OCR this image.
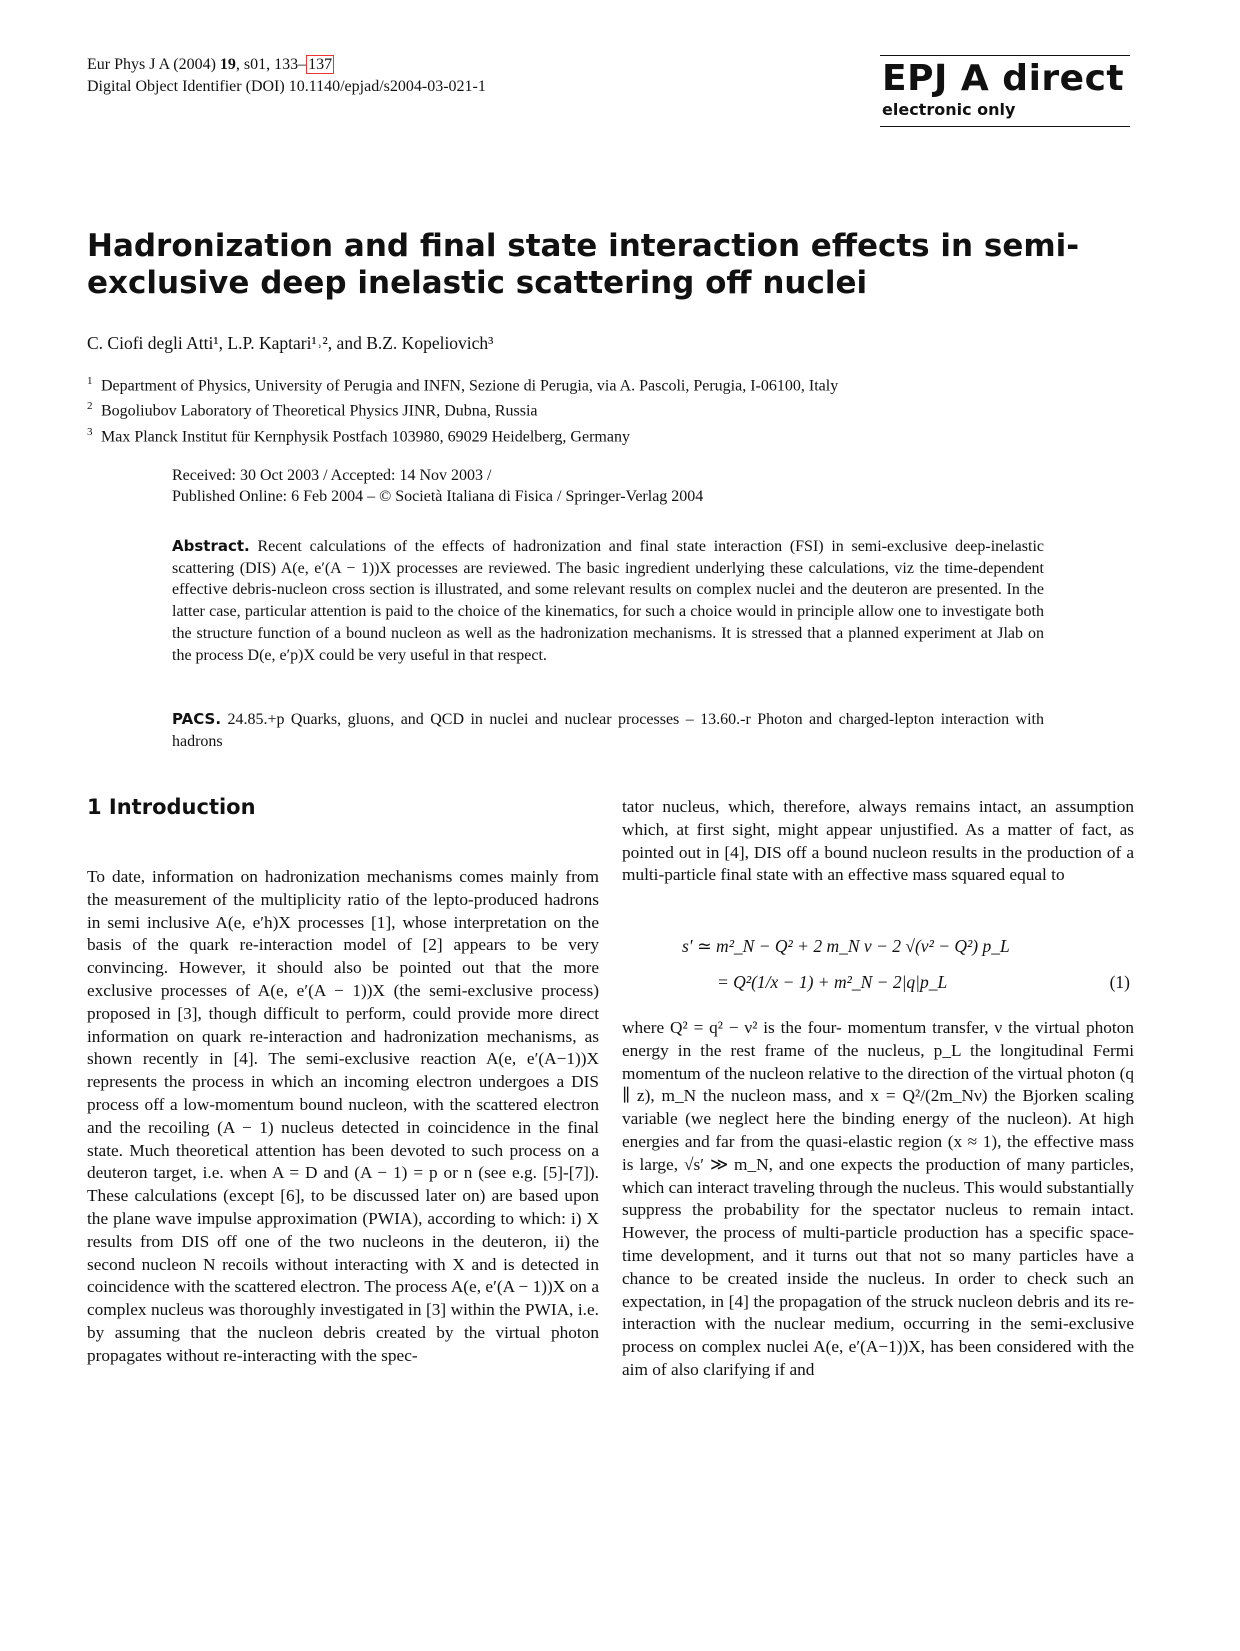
Eur Phys J A (2004) 19, s01, 133– 137
Digital Object Identifier (DOI) 10.1140/epjad/s2004-03-021-1	EPJ A direct
electronic only
Hadronization and final state interaction effects in semi-exclusive deep inelastic scattering off nuclei
C. Ciofi degli Atti¹, L.P. Kaptari¹˒², and B.Z. Kopeliovich³
1 Department of Physics, University of Perugia and INFN, Sezione di Perugia, via A. Pascoli, Perugia, I-06100, Italy
2 Bogoliubov Laboratory of Theoretical Physics JINR, Dubna, Russia
3 Max Planck Institut für Kernphysik Postfach 103980, 69029 Heidelberg, Germany
Received: 30 Oct 2003 / Accepted: 14 Nov 2003 /
Published Online: 6 Feb 2004 – © Società Italiana di Fisica / Springer-Verlag 2004
Abstract. Recent calculations of the effects of hadronization and final state interaction (FSI) in semi-exclusive deep-inelastic scattering (DIS) A(e, e′(A − 1))X processes are reviewed. The basic ingredient underlying these calculations, viz the time-dependent effective debris-nucleon cross section is illustrated, and some relevant results on complex nuclei and the deuteron are presented. In the latter case, particular attention is paid to the choice of the kinematics, for such a choice would in principle allow one to investigate both the structure function of a bound nucleon as well as the hadronization mechanisms. It is stressed that a planned experiment at Jlab on the process D(e, e′p)X could be very useful in that respect.
PACS. 24.85.+p Quarks, gluons, and QCD in nuclei and nuclear processes – 13.60.-r Photon and charged-lepton interaction with hadrons
1 Introduction
To date, information on hadronization mechanisms comes mainly from the measurement of the multiplicity ratio of the lepto-produced hadrons in semi inclusive A(e, e′h)X processes [1], whose interpretation on the basis of the quark re-interaction model of [2] appears to be very convincing. However, it should also be pointed out that the more exclusive processes of A(e, e′(A − 1))X (the semi-exclusive process) proposed in [3], though difficult to perform, could provide more direct information on quark re-interaction and hadronization mechanisms, as shown recently in [4]. The semi-exclusive reaction A(e, e′(A−1))X represents the process in which an incoming electron undergoes a DIS process off a low-momentum bound nucleon, with the scattered electron and the recoiling (A − 1) nucleus detected in coincidence in the final state. Much theoretical attention has been devoted to such process on a deuteron target, i.e. when A = D and (A − 1) = p or n (see e.g. [5]-[7]). These calculations (except [6], to be discussed later on) are based upon the plane wave impulse approximation (PWIA), according to which: i) X results from DIS off one of the two nucleons in the deuteron, ii) the second nucleon N recoils without interacting with X and is detected in coincidence with the scattered electron. The process A(e, e′(A − 1))X on a complex nucleus was thoroughly investigated in [3] within the PWIA, i.e. by assuming that the nucleon debris created by the virtual photon propagates without re-interacting with the spec-
tator nucleus, which, therefore, always remains intact, an assumption which, at first sight, might appear unjustified. As a matter of fact, as pointed out in [4], DIS off a bound nucleon results in the production of a multi-particle final state with an effective mass squared equal to
s′ ≃ m²_N − Q² + 2 m_N ν − 2 √(ν² − Q²) p_L
= Q²(1/x − 1) + m²_N − 2|q|p_L	(1)
where Q² = q² − ν² is the four- momentum transfer, ν the virtual photon energy in the rest frame of the nucleus, p_L the longitudinal Fermi momentum of the nucleon relative to the direction of the virtual photon (q ∥ z), m_N the nucleon mass, and x = Q²/(2m_Nν) the Bjorken scaling variable (we neglect here the binding energy of the nucleon). At high energies and far from the quasi-elastic region (x ≈ 1), the effective mass is large, √s′ ≫ m_N, and one expects the production of many particles, which can interact traveling through the nucleus. This would substantially suppress the probability for the spectator nucleus to remain intact. However, the process of multi-particle production has a specific space-time development, and it turns out that not so many particles have a chance to be created inside the nucleus. In order to check such an expectation, in [4] the propagation of the struck nucleon debris and its re-interaction with the nuclear medium, occurring in the semi-exclusive process on complex nuclei A(e, e′(A−1))X, has been considered with the aim of also clarifying if and
